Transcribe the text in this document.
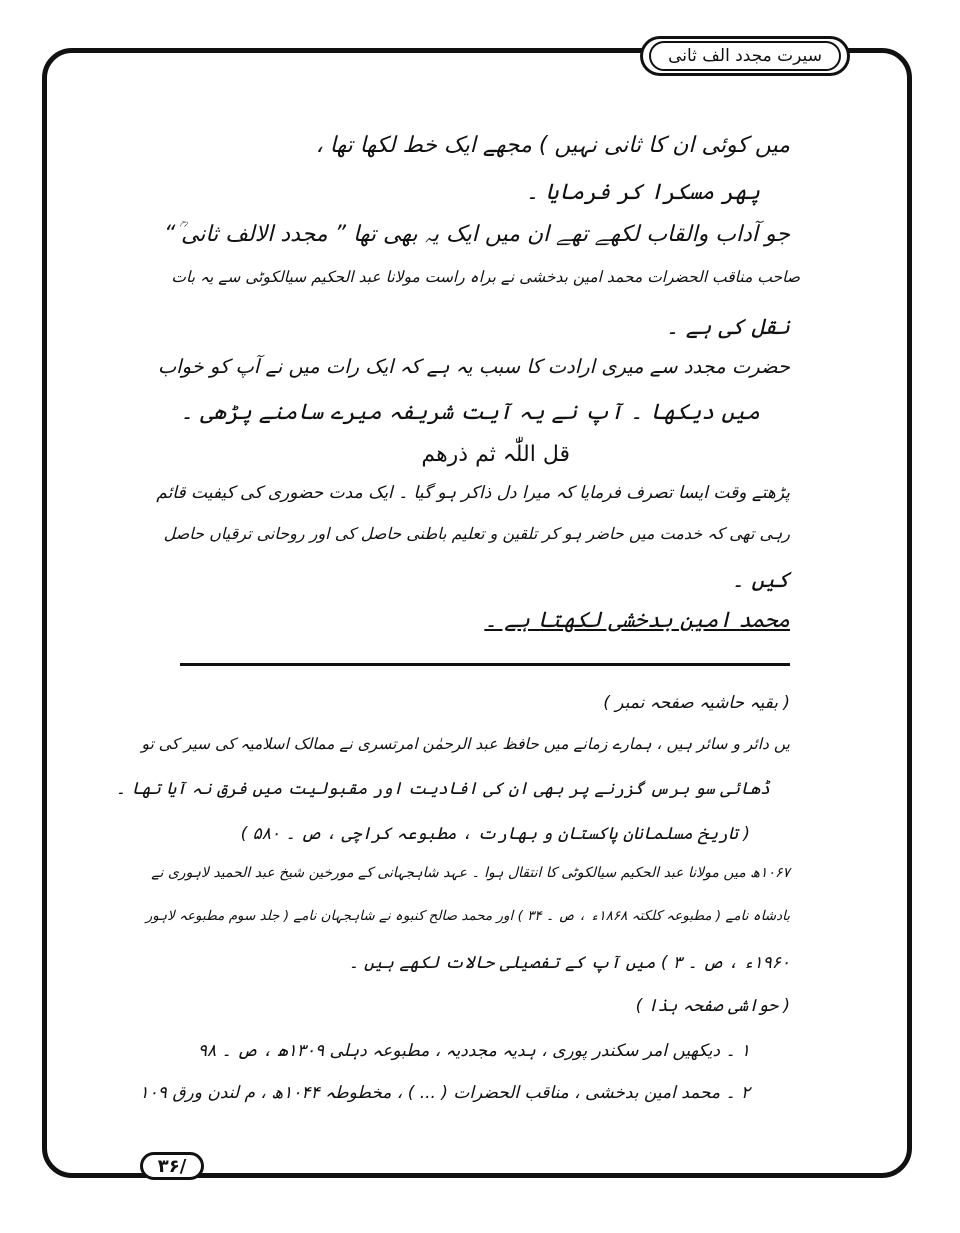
سیرت مجدد الف ثانی
میں کوئی ان کا ثانی نہیں ) مجھے ایک خط لکھا تھا ،
پھر مسکرا کر فرمایا ۔
جو آداب والقاب لکھے تھے ان میں ایک یہ بھی تھا ” مجدد الالف ثانی ؒ“
صاحب مناقب الحضرات محمد امین بدخشی نے براہ راست مولانا عبد الحکیم سیالکوٹی سے یہ بات
نقل کی ہے ۔
حضرت مجدد سے میری ارادت کا سبب یہ ہے کہ ایک رات میں نے آپ کو خواب
میں دیکھا ۔ آپ نے یہ آیت شریفہ میرے سامنے پڑھی ۔
قل اللّٰہ ثم ذرھم
پڑھتے وقت ایسا تصرف فرمایا کہ میرا دل ذاکر ہو گیا ۔ ایک مدت حضوری کی کیفیت قائم
رہی تھی کہ خدمت میں حاضر ہو کر تلقین و تعلیم باطنی حاصل کی اور روحانی ترقیاں حاصل
کیں ۔
محمد امین بدخشی لکھتا ہے ۔
( بقیہ حاشیہ صفحہ نمبر )
یں دائر و سائر ہیں ، ہمارے زمانے میں حافظ عبد الرحمٰن امرتسری نے ممالک اسلامیہ کی سیر کی تو
ڈھائی سو برس گزرنے پر بھی ان کی افادیت اور مقبولیت میں فرق نہ آیا تھا ۔
( تاریخ مسلمانان پاکستان و بھارت ، مطبوعہ کراچی ، ص ۔ ۵۸۰ )
۱۰۶۷ھ میں مولانا عبد الحکیم سیالکوٹی کا انتقال ہوا ۔ عہد شاہجہانی کے مورخین شیخ عبد الحمید لاہوری نے
بادشاہ نامے ( مطبوعہ کلکتہ ۱۸۶۸ء ، ص ۔ ۳۴ ) اور محمد صالح کنبوہ نے شاہجہان نامے ( جلد سوم مطبوعہ لاہور
۱۹۶۰ء ، ص ۔ ۳ ) میں آپ کے تفصیلی حالات لکھے ہیں ۔
( حواشی صفحہ ہذا )
۱ ۔ دیکھیں امر سکندر پوری ، ہدیہ مجددیہ ، مطبوعہ دہلی ۱۳۰۹ھ ، ص ۔ ۹۸
۲ ۔ محمد امین بدخشی ، مناقب الحضرات ( ... ) ، مخطوطہ ۱۰۴۴ھ ، م لندن ورق ۱۰۹
۳۶/
